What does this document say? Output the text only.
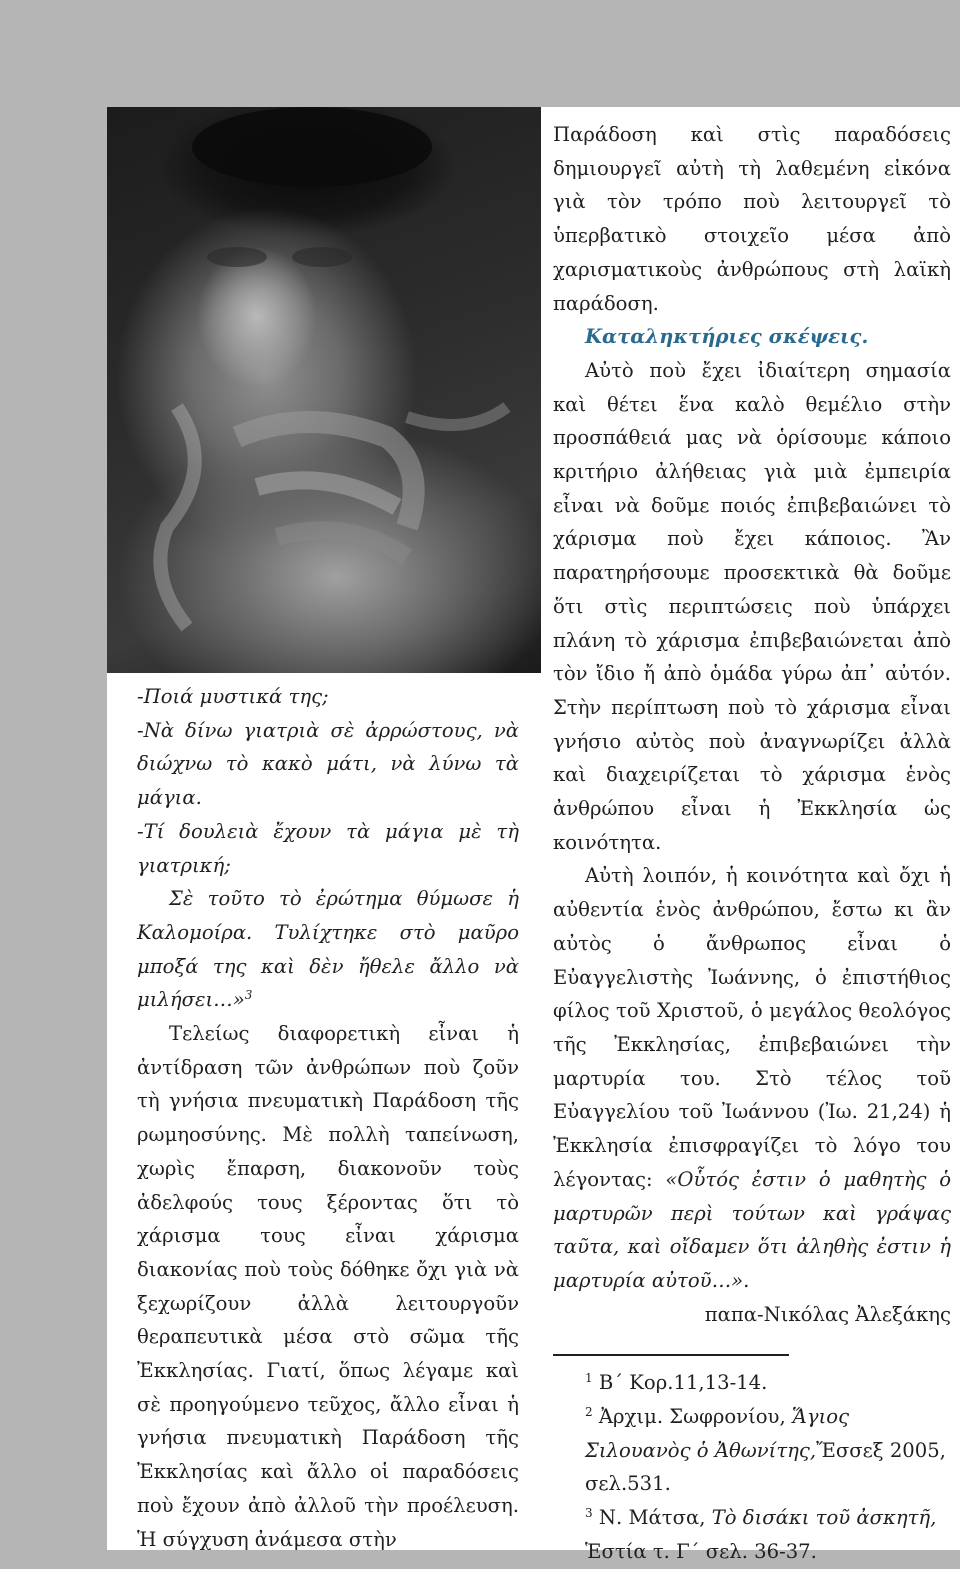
-Ποιά μυστικά της;

-Νὰ δίνω γιατριὰ σὲ ἀρρώστους, νὰ διώχνω τὸ κακὸ μάτι, νὰ λύνω τὰ μάγια.

-Τί δουλειὰ ἔχουν τὰ μάγια μὲ τὴ γιατρική;

Σὲ τοῦτο τὸ ἐρώτημα θύμωσε ἡ Καλομοίρα. Τυλίχτηκε στὸ μαῦρο μποξά της καὶ δὲν ἤθελε ἄλλο νὰ μιλήσει…»$^3$

Τελείως διαφορετικὴ εἶναι ἡ ἀντίδραση τῶν ἀνθρώπων ποὺ ζοῦν τὴ γνήσια πνευματικὴ Παράδοση τῆς ρωμηοσύνης. Μὲ πολλὴ ταπείνωση, χωρὶς ἔπαρση, διακονοῦν τοὺς ἀδελφούς τους ξέροντας ὅτι τὸ χάρισμα τους εἶναι χάρισμα διακονίας ποὺ τοὺς δόθηκε ὄχι γιὰ νὰ ξεχωρίζουν ἀλλὰ λειτουργοῦν θεραπευτικὰ μέσα στὸ σῶμα τῆς Ἐκκλησίας. Γιατί, ὅπως λέγαμε καὶ σὲ προηγούμενο τεῦχος, ἄλλο εἶναι ἡ γνήσια πνευματικὴ Παράδοση τῆς Ἐκκλησίας καὶ ἄλλο οἱ παραδόσεις ποὺ ἔχουν ἀπὸ ἀλλοῦ τὴν προέλευση. Ἡ σύγχυση ἀνάμεσα στὴν

Παράδοση καὶ στὶς παραδόσεις δημιουργεῖ αὐτὴ τὴ λαθεμένη εἰκόνα γιὰ τὸν τρόπο ποὺ λειτουργεῖ τὸ ὑπερβατικὸ στοιχεῖο μέσα ἀπὸ χαρισματικοὺς ἀνθρώπους στὴ λαϊκὴ παράδοση.

Καταληκτήριες σκέψεις.

Αὐτὸ ποὺ ἔχει ἰδιαίτερη σημασία καὶ θέτει ἕνα καλὸ θεμέλιο στὴν προσπάθειά μας νὰ ὁρίσουμε κάποιο κριτήριο ἀλήθειας γιὰ μιὰ ἐμπειρία εἶναι νὰ δοῦμε ποιός ἐπιβεβαιώνει τὸ χάρισμα ποὺ ἔχει κάποιος. Ἂν παρατηρήσουμε προσεκτικὰ θὰ δοῦμε ὅτι στὶς περιπτώσεις ποὺ ὑπάρχει πλάνη τὸ χάρισμα ἐπιβεβαιώνεται ἀπὸ τὸν ἴδιο ἤ ἀπὸ ὁμάδα γύρω ἀπ᾽ αὐτόν. Στὴν περίπτωση ποὺ τὸ χάρισμα εἶναι γνήσιο αὐτὸς ποὺ ἀναγνωρίζει ἀλλὰ καὶ διαχειρίζεται τὸ χάρισμα ἑνὸς ἀνθρώπου εἶναι ἡ Ἐκκλησία ὡς κοινότητα.

Αὐτὴ λοιπόν, ἡ κοινότητα καὶ ὄχι ἡ αὐθεντία ἑνὸς ἀνθρώπου, ἔστω κι ἂν αὐτὸς ὁ ἄνθρωπος εἶναι ὁ Εὐαγγελιστὴς Ἰωάννης, ὁ ἐπιστήθιος φίλος τοῦ Χριστοῦ, ὁ μεγάλος θεολόγος τῆς Ἐκκλησίας, ἐπιβεβαιώνει τὴν μαρτυρία του. Στὸ τέλος τοῦ Εὐαγγελίου τοῦ Ἰωάννου (Ἰω. 21,24) ἡ Ἐκκλησία ἐπισφραγίζει τὸ λόγο του λέγοντας: «Οὗτός ἐστιν ὁ μαθητὴς ὁ μαρτυρῶν περὶ τούτων καὶ γράψας ταῦτα, καὶ οἴδαμεν ὅτι ἀληθὴς ἐστιν ἡ μαρτυρία αὐτοῦ…».

παπα-Νικόλας Ἀλεξάκης

$^1$ Β΄ Κορ.11,13-14.

$^2$ Ἀρχιμ. Σωφρονίου, Ἅγιος Σιλουανὸς ὁ Ἀθωνίτης,Ἔσσεξ 2005, σελ.531.

$^3$ Ν. Μάτσα, Τὸ δισάκι τοῦ ἀσκητῆ, Ἑστία τ. Γ΄ σελ. 36-37.
